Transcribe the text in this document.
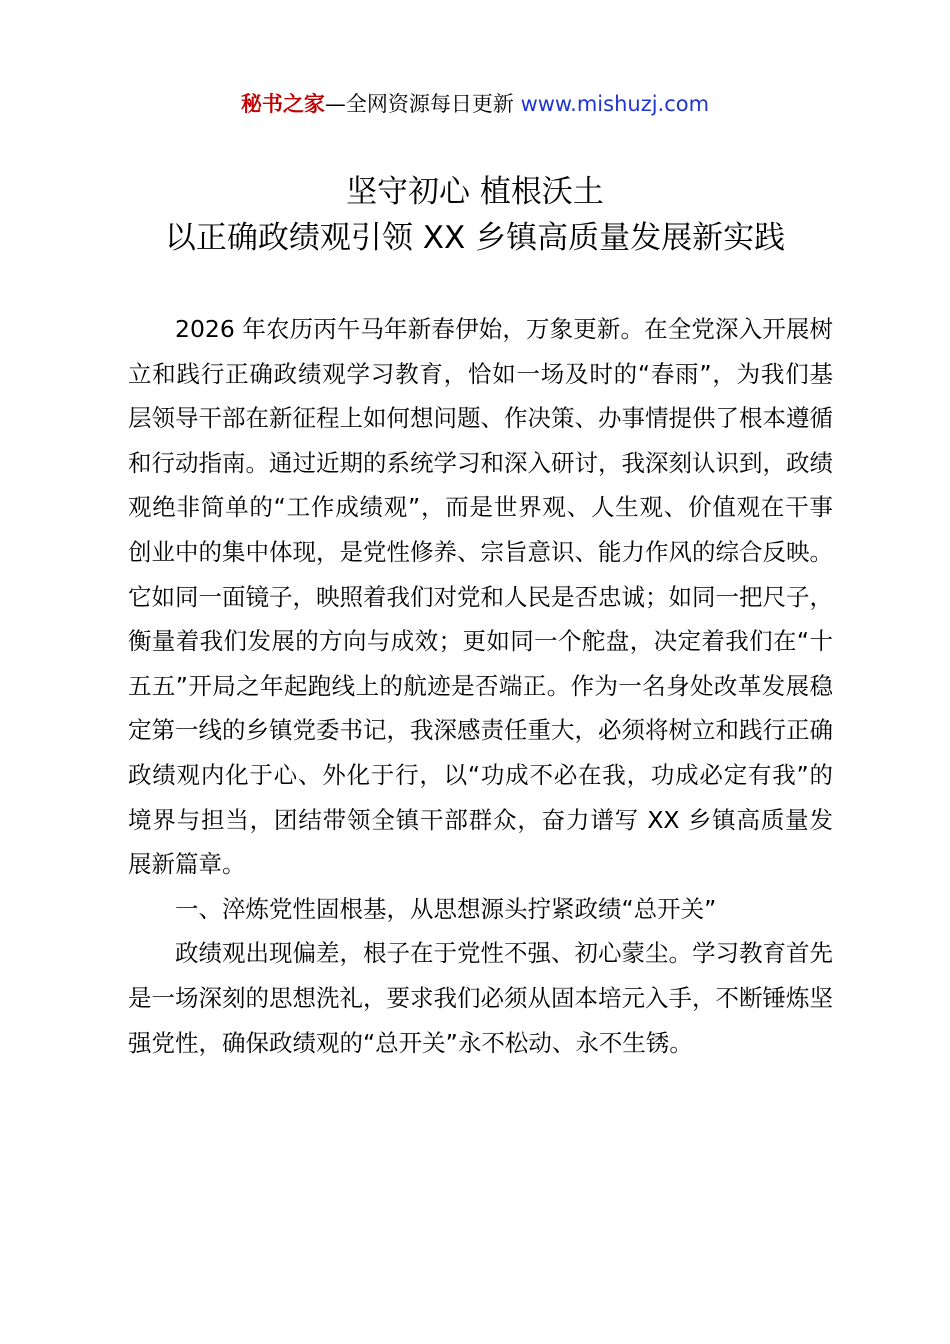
秘书之家—全网资源每日更新 www.mishuzj.com
坚守初心 植根沃土
以正确政绩观引领 XX 乡镇高质量发展新实践

2026 年农历丙午马年新春伊始，万象更新。在全党深入开展树立和践行正确政绩观学习教育，恰如一场及时的“春雨”，为我们基层领导干部在新征程上如何想问题、作决策、办事情提供了根本遵循和行动指南。通过近期的系统学习和深入研讨，我深刻认识到，政绩观绝非简单的“工作成绩观”，而是世界观、人生观、价值观在干事创业中的集中体现，是党性修养、宗旨意识、能力作风的综合反映。它如同一面镜子，映照着我们对党和人民是否忠诚；如同一把尺子，衡量着我们发展的方向与成效；更如同一个舵盘，决定着我们在“十五五”开局之年起跑线上的航迹是否端正。作为一名身处改革发展稳定第一线的乡镇党委书记，我深感责任重大，必须将树立和践行正确政绩观内化于心、外化于行，以“功成不必在我，功成必定有我”的境界与担当，团结带领全镇干部群众，奋力谱写 XX 乡镇高质量发展新篇章。

一、淬炼党性固根基，从思想源头拧紧政绩“总开关”

政绩观出现偏差，根子在于党性不强、初心蒙尘。学习教育首先是一场深刻的思想洗礼，要求我们必须从固本培元入手，不断锤炼坚强党性，确保政绩观的“总开关”永不松动、永不生锈。
